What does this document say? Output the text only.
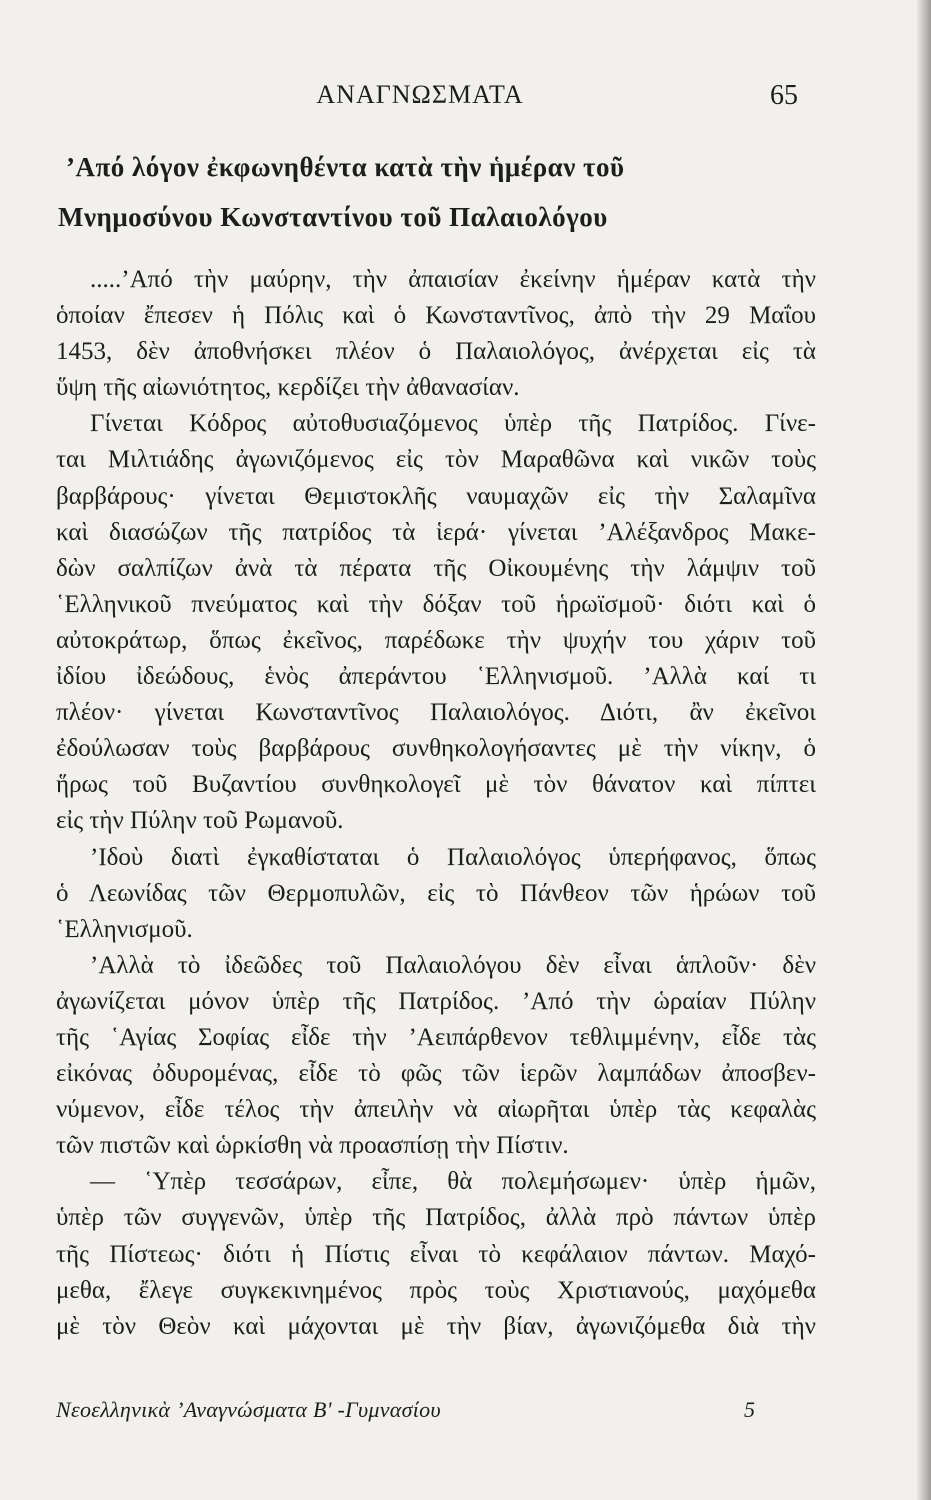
ΑΝΑΓΝΩΣΜΑΤΑ	65
’Από λόγον ἐκφωνηθέντα κατὰ τὴν ἡμέραν τοῦ
Μνημοσύνου Κωνσταντίνου τοῦ Παλαιολόγου
.....’Από τὴν μαύρην, τὴν ἀπαισίαν ἐκείνην ἡμέραν κατὰ τὴν
ὁποίαν ἔπεσεν ἡ Πόλις καὶ ὁ Κωνσταντῖνος, ἀπὸ τὴν 29 Μαΐου
1453, δὲν ἀποθνήσκει πλέον ὁ Παλαιολόγος, ἀνέρχεται εἰς τὰ
ὕψη τῆς αἰωνιότητος, κερδίζει τὴν ἀθανασίαν.
Γίνεται Κόδρος αὐτοθυσιαζόμενος ὑπὲρ τῆς Πατρίδος. Γίνε-
ται Μιλτιάδης ἀγωνιζόμενος εἰς τὸν Μαραθῶνα καὶ νικῶν τοὺς
βαρβάρους· γίνεται Θεμιστοκλῆς ναυμαχῶν εἰς τὴν Σαλαμῖνα
καὶ διασώζων τῆς πατρίδος τὰ ἱερά· γίνεται ’Αλέξανδρος Μακε-
δὼν σαλπίζων ἀνὰ τὰ πέρατα τῆς Οἰκουμένης τὴν λάμψιν τοῦ
῾Ελληνικοῦ πνεύματος καὶ τὴν δόξαν τοῦ ἡρωϊσμοῦ· διότι καὶ ὁ
αὐτοκράτωρ, ὅπως ἐκεῖνος, παρέδωκε τὴν ψυχήν του χάριν τοῦ
ἰδίου ἰδεώδους, ἑνὸς ἀπεράντου ῾Ελληνισμοῦ. ’Αλλὰ καί τι
πλέον· γίνεται Κωνσταντῖνος Παλαιολόγος. Διότι, ἂν ἐκεῖνοι
ἐδούλωσαν τοὺς βαρβάρους συνθηκολογήσαντες μὲ τὴν νίκην, ὁ
ἥρως τοῦ Βυζαντίου συνθηκολογεῖ μὲ τὸν θάνατον καὶ πίπτει
εἰς τὴν Πύλην τοῦ Ρωμανοῦ.
’Ιδοὺ διατὶ ἐγκαθίσταται ὁ Παλαιολόγος ὑπερήφανος, ὅπως
ὁ Λεωνίδας τῶν Θερμοπυλῶν, εἰς τὸ Πάνθεον τῶν ἡρώων τοῦ
῾Ελληνισμοῦ.
’Αλλὰ τὸ ἰδεῶδες τοῦ Παλαιολόγου δὲν εἶναι ἁπλοῦν· δὲν
ἀγωνίζεται μόνον ὑπὲρ τῆς Πατρίδος. ’Από τὴν ὡραίαν Πύλην
τῆς ῾Αγίας Σοφίας εἶδε τὴν ’Αειπάρθενον τεθλιμμένην, εἶδε τὰς
εἰκόνας ὀδυρομένας, εἶδε τὸ φῶς τῶν ἱερῶν λαμπάδων ἀποσβεν-
νύμενον, εἶδε τέλος τὴν ἀπειλὴν νὰ αἰωρῆται ὑπὲρ τὰς κεφαλὰς
τῶν πιστῶν καὶ ὡρκίσθη νὰ προασπίσῃ τὴν Πίστιν.
— ῾Υπὲρ τεσσάρων, εἶπε, θὰ πολεμήσωμεν· ὑπὲρ ἡμῶν,
ὑπὲρ τῶν συγγενῶν, ὑπὲρ τῆς Πατρίδος, ἀλλὰ πρὸ πάντων ὑπὲρ
τῆς Πίστεως· διότι ἡ Πίστις εἶναι τὸ κεφάλαιον πάντων. Μαχό-
μεθα, ἔλεγε συγκεκινημένος πρὸς τοὺς Χριστιανούς, μαχόμεθα
μὲ τὸν Θεὸν καὶ μάχονται μὲ τὴν βίαν, ἀγωνιζόμεθα διὰ τὴν
Νεοελληνικὰ ’Αναγνώσματα Β' -Γυμνασίου	5
